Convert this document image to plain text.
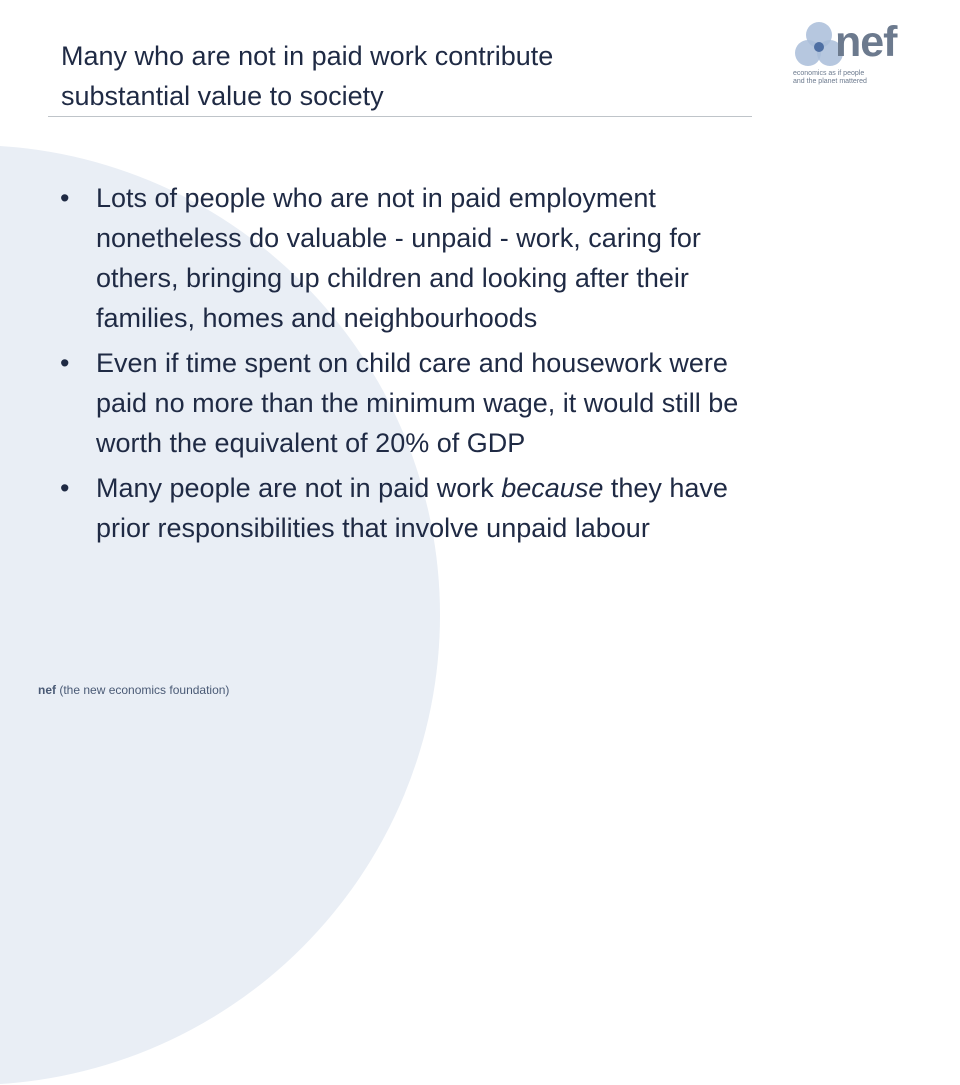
Many who are not in paid work contribute
substantial value to society
nef
economics as if people
and the planet mattered
• Lots of people who are not in paid employment
nonetheless do valuable - unpaid - work, caring for
others, bringing up children and looking after their
families, homes and neighbourhoods
• Even if time spent on child care and housework were
paid no more than the minimum wage, it would still be
worth the equivalent of 20% of GDP
• Many people are not in paid work because they have
prior responsibilities that involve unpaid labour
nef (the new economics foundation)
